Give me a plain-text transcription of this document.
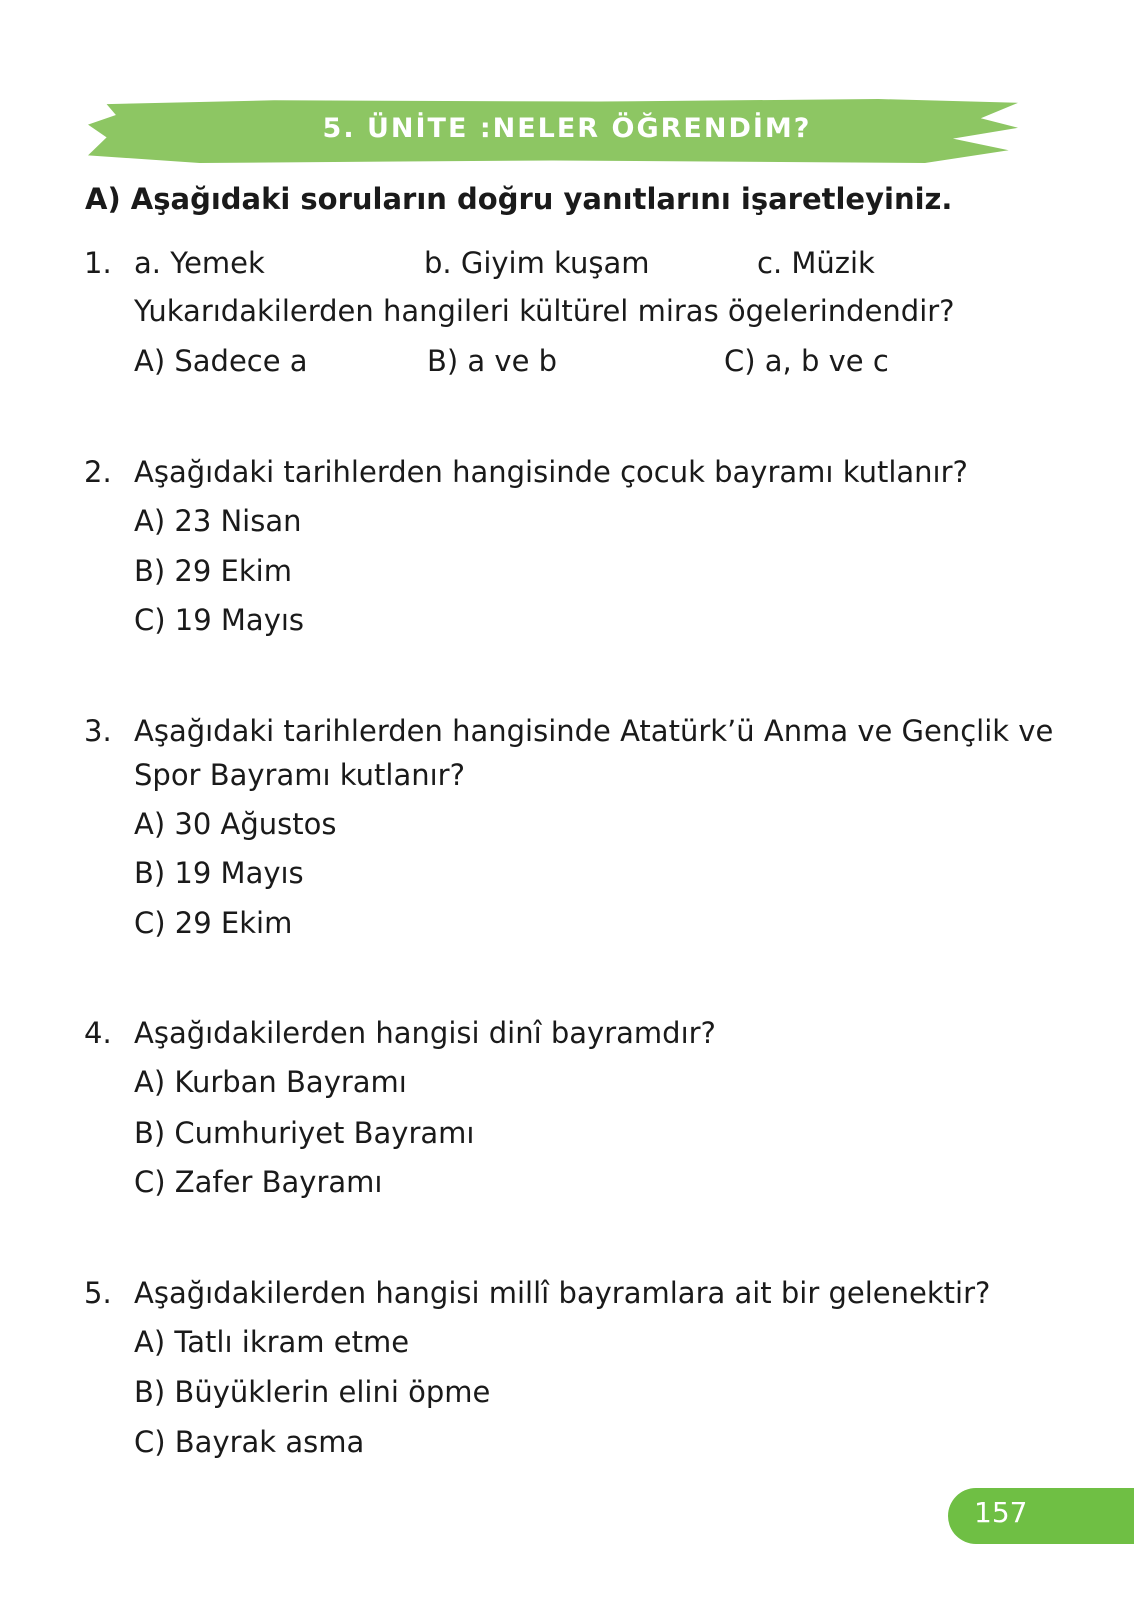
5. ÜNİTE :NELER ÖĞRENDİM?
A) Aşağıdaki soruların doğru yanıtlarını işaretleyiniz.
1. a. Yemek	b. Giyim kuşam	c. Müzik
Yukarıdakilerden hangileri kültürel miras ögelerindendir?
A) Sadece a	B) a ve b	C) a, b ve c
2. Aşağıdaki tarihlerden hangisinde çocuk bayramı kutlanır?
A) 23 Nisan
B) 29 Ekim
C) 19 Mayıs
3. Aşağıdaki tarihlerden hangisinde Atatürk’ü Anma ve Gençlik ve
Spor Bayramı kutlanır?
A) 30 Ağustos
B) 19 Mayıs
C) 29 Ekim
4. Aşağıdakilerden hangisi dinî bayramdır?
A) Kurban Bayramı
B) Cumhuriyet Bayramı
C) Zafer Bayramı
5. Aşağıdakilerden hangisi millî bayramlara ait bir gelenektir?
A) Tatlı ikram etme
B) Büyüklerin elini öpme
C) Bayrak asma
157
